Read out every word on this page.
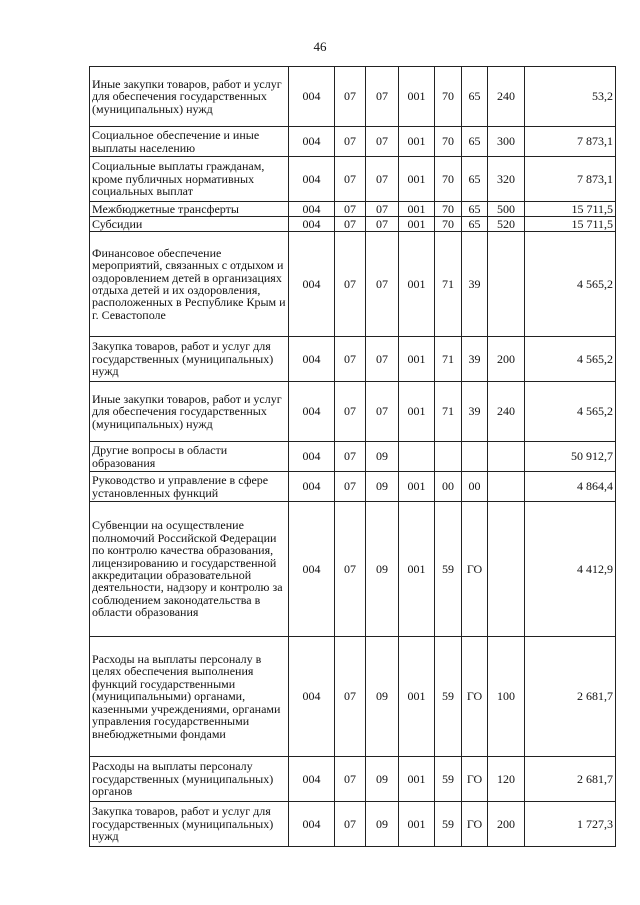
46
Иные закупки товаров, работ и услуг для обеспечения государственных (муниципальных) нужд	004	07	07	001	70	65	240	53,2
Социальное обеспечение и иные выплаты населению	004	07	07	001	70	65	300	7 873,1
Социальные выплаты гражданам, кроме публичных нормативных социальных выплат	004	07	07	001	70	65	320	7 873,1
Межбюджетные трансферты	004	07	07	001	70	65	500	15 711,5
Субсидии	004	07	07	001	70	65	520	15 711,5
Финансовое обеспечение мероприятий, связанных с отдыхом и оздоровлением детей в организациях отдыха детей и их оздоровления, расположенных в Республике Крым и г. Севастополе	004	07	07	001	71	39		4 565,2
Закупка товаров, работ и услуг для государственных (муниципальных) нужд	004	07	07	001	71	39	200	4 565,2
Иные закупки товаров, работ и услуг для обеспечения государственных (муниципальных) нужд	004	07	07	001	71	39	240	4 565,2
Другие вопросы в области образования	004	07	09					50 912,7
Руководство и управление в сфере установленных функций	004	07	09	001	00	00		4 864,4
Субвенции на осуществление полномочий Российской Федерации по контролю качества образования, лицензированию и государственной аккредитации образовательной деятельности, надзору и контролю за соблюдением законодательства в области образования	004	07	09	001	59	ГО		4 412,9
Расходы на выплаты персоналу в целях обеспечения выполнения функций государственными (муниципальными) органами, казенными учреждениями, органами управления государственными внебюджетными фондами	004	07	09	001	59	ГО	100	2 681,7
Расходы на выплаты персоналу государственных (муниципальных) органов	004	07	09	001	59	ГО	120	2 681,7
Закупка товаров, работ и услуг для государственных (муниципальных) нужд	004	07	09	001	59	ГО	200	1 727,3
